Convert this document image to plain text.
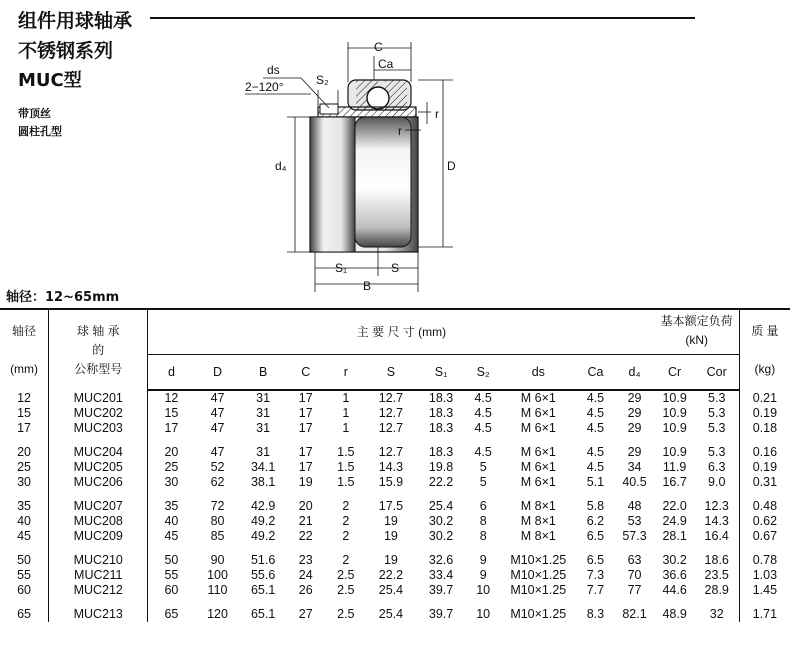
组件用球轴承
不锈钢系列
MUC型
带顶丝
圆柱孔型
C
Ca
ds
2−120°	S₂
r
r
d₄	D
S₁	S
B
轴径：12~65mm
轴径

(mm)	球 轴 承
的
公称型号	主 要 尺 寸 (mm)											基本额定负荷
(kN)		质 量

(kg)
		d	D	B	C	r	S	S₁	S₂	ds	Ca	d₄	Cr	Cor	
12	MUC201	12	47	31	17	1	12.7	18.3	4.5	M 6×1	4.5	29	10.9	5.3	0.21
15	MUC202	15	47	31	17	1	12.7	18.3	4.5	M 6×1	4.5	29	10.9	5.3	0.19
17	MUC203	17	47	31	17	1	12.7	18.3	4.5	M 6×1	4.5	29	10.9	5.3	0.18

20	MUC204	20	47	31	17	1.5	12.7	18.3	4.5	M 6×1	4.5	29	10.9	5.3	0.16
25	MUC205	25	52	34.1	17	1.5	14.3	19.8	5	M 6×1	4.5	34	11.9	6.3	0.19
30	MUC206	30	62	38.1	19	1.5	15.9	22.2	5	M 6×1	5.1	40.5	16.7	9.0	0.31

35	MUC207	35	72	42.9	20	2	17.5	25.4	6	M 8×1	5.8	48	22.0	12.3	0.48
40	MUC208	40	80	49.2	21	2	19	30.2	8	M 8×1	6.2	53	24.9	14.3	0.62
45	MUC209	45	85	49.2	22	2	19	30.2	8	M 8×1	6.5	57.3	28.1	16.4	0.67

50	MUC210	50	90	51.6	23	2	19	32.6	9	M10×1.25	6.5	63	30.2	18.6	0.78
55	MUC211	55	100	55.6	24	2.5	22.2	33.4	9	M10×1.25	7.3	70	36.6	23.5	1.03
60	MUC212	60	110	65.1	26	2.5	25.4	39.7	10	M10×1.25	7.7	77	44.6	28.9	1.45

65	MUC213	65	120	65.1	27	2.5	25.4	39.7	10	M10×1.25	8.3	82.1	48.9	32	1.71
